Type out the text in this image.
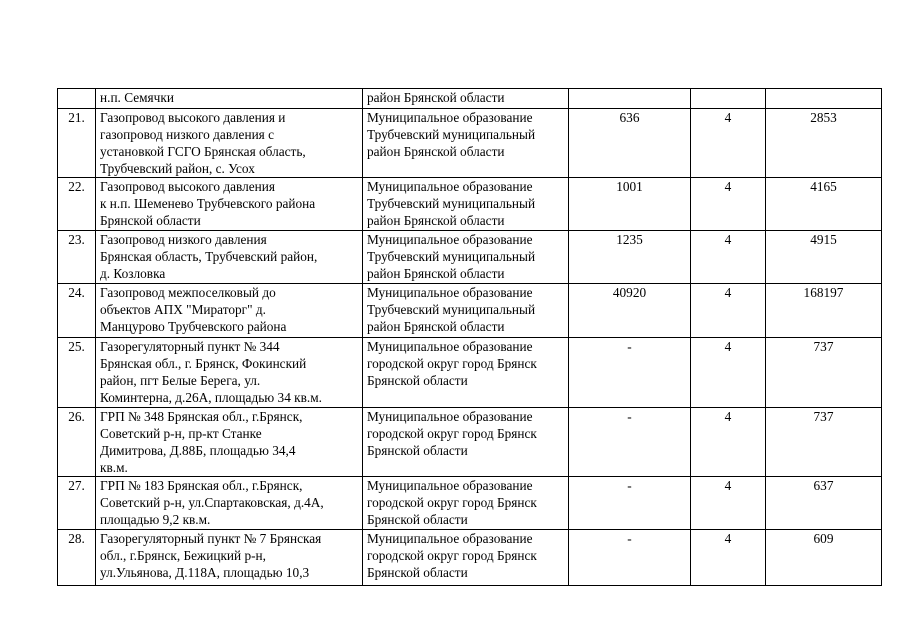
	н.п. Семячки	район Брянской области			

21.	Газопровод высокого давления и
газопровод низкого давления с
установкой ГСГО Брянская область,
Трубчевский район, с. Усох	Муниципальное образование
Трубчевский муниципальный
район Брянской области	636	4	2853

22.	Газопровод высокого давления
к н.п. Шеменево Трубчевского района
Брянской области	Муниципальное образование
Трубчевский муниципальный
район Брянской области	1001	4	4165

23.	Газопровод низкого давления
Брянская область, Трубчевский район,
д. Козловка	Муниципальное образование
Трубчевский муниципальный
район Брянской области	1235	4	4915

24.	Газопровод межпоселковый до
объектов АПХ "Мираторг" д.
Манцурово Трубчевского района	Муниципальное образование
Трубчевский муниципальный
район Брянской области	40920	4	168197

25.	Газорегуляторный пункт № 344
Брянская обл., г. Брянск, Фокинский
район, пгт Белые Берега, ул.
Коминтерна, д.26А, площадью 34 кв.м.	Муниципальное образование
городской округ город Брянск
Брянской области	-	4	737

26.	ГРП № 348 Брянская обл., г.Брянск,
Советский р-н, пр-кт Станке
Димитрова, Д.88Б, площадью 34,4
кв.м.	Муниципальное образование
городской округ город Брянск
Брянской области	-	4	737

27.	ГРП № 183 Брянская обл., г.Брянск,
Советский р-н, ул.Спартаковская, д.4А,
площадью 9,2 кв.м.	Муниципальное образование
городской округ город Брянск
Брянской области	-	4	637

28.	Газорегуляторный пункт № 7 Брянская
обл., г.Брянск, Бежицкий р-н,
ул.Ульянова, Д.118А, площадью 10,3	Муниципальное образование
городской округ город Брянск
Брянской области	-	4	609
